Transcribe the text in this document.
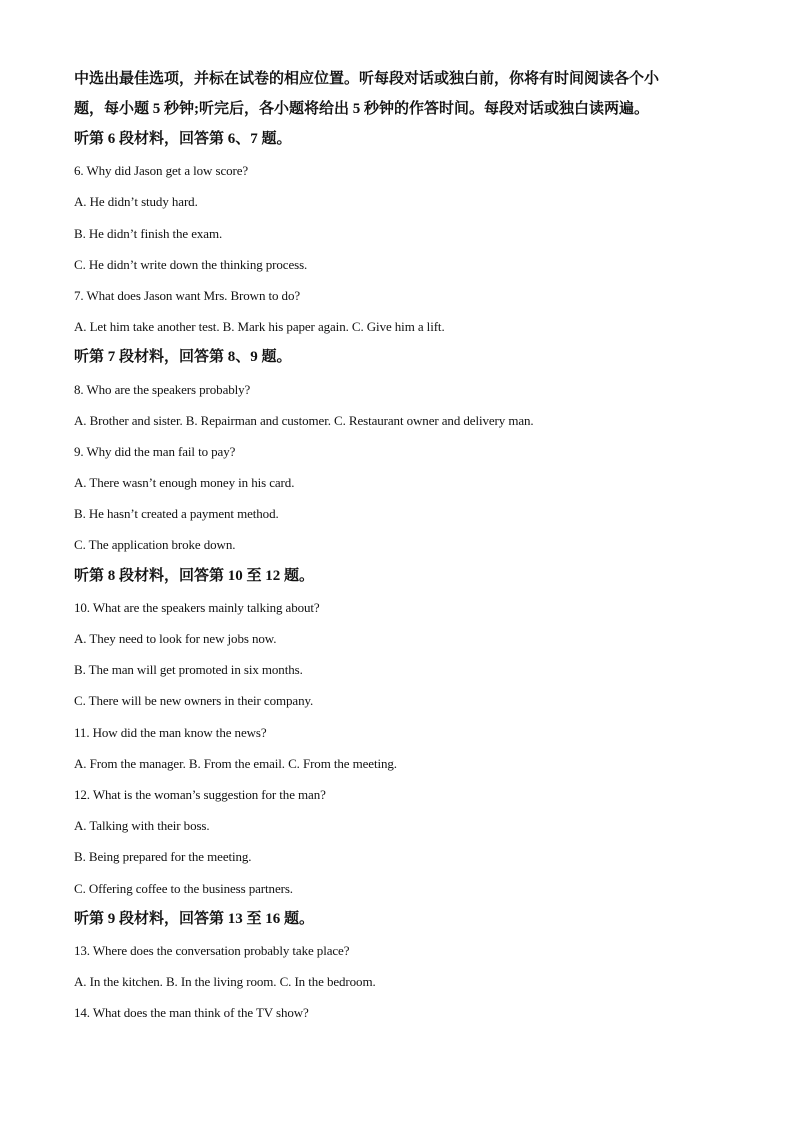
中选出最佳选项，并标在试卷的相应位置。听每段对话或独白前，你将有时间阅读各个小

题，每小题 5 秒钟;听完后，各小题将给出 5 秒钟的作答时间。每段对话或独白读两遍。

听第 6 段材料，回答第 6、7 题。

6. Why did Jason get a low score?

A. He didn’t study hard.

B. He didn’t finish the exam.

C. He didn’t write down the thinking process.

7. What does Jason want Mrs. Brown to do?

A. Let him take another test. B. Mark his paper again. C. Give him a lift.

听第 7 段材料，回答第 8、9 题。

8. Who are the speakers probably?

A. Brother and sister. B. Repairman and customer. C. Restaurant owner and delivery man.

9. Why did the man fail to pay?

A. There wasn’t enough money in his card.

B. He hasn’t created a payment method.

C. The application broke down.

听第 8 段材料，回答第 10 至 12 题。

10. What are the speakers mainly talking about?

A. They need to look for new jobs now.

B. The man will get promoted in six months.

C. There will be new owners in their company.

11. How did the man know the news?

A. From the manager. B. From the email. C. From the meeting.

12. What is the woman’s suggestion for the man?

A. Talking with their boss.

B. Being prepared for the meeting.

C. Offering coffee to the business partners.

听第 9 段材料，回答第 13 至 16 题。

13. Where does the conversation probably take place?

A. In the kitchen. B. In the living room. C. In the bedroom.

14. What does the man think of the TV show?
